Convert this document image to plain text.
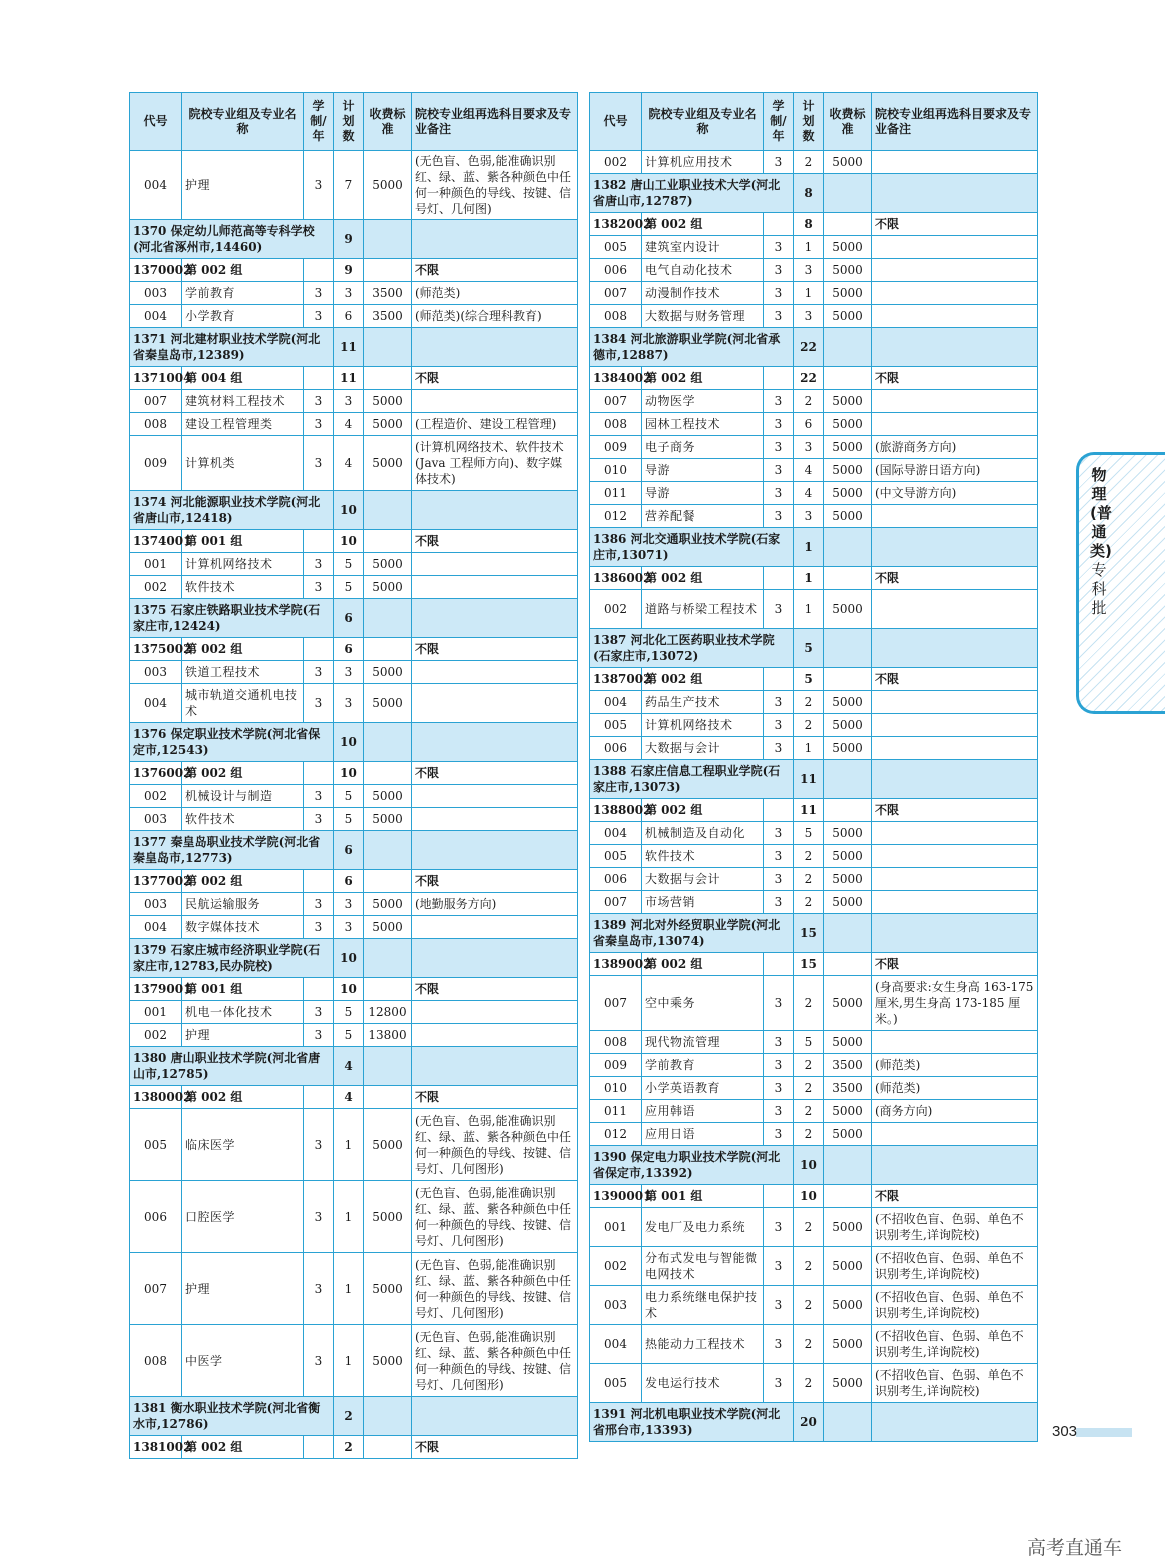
代号	院校专业组及专业名称	学制/年	计划数	收费标准	院校专业组再选科目要求及专业备注
004	护理	3	7	5000	(无色盲、色弱,能准确识别红、绿、蓝、紫各种颜色中任何一种颜色的导线、按键、信号灯、几何图)
1370 保定幼儿师范高等专科学校(河北省涿州市,14460)			9		
1370002	第 002 组		9		不限
003	学前教育	3	3	3500	(师范类)
004	小学教育	3	6	3500	(师范类)(综合理科教育)
1371 河北建材职业技术学院(河北省秦皇岛市,12389)			11		
1371004	第 004 组		11		不限
007	建筑材料工程技术	3	3	5000	
008	建设工程管理类	3	4	5000	(工程造价、建设工程管理)
009	计算机类	3	4	5000	(计算机网络技术、软件技术(Java 工程师方向)、数字媒体技术)
1374 河北能源职业技术学院(河北省唐山市,12418)			10		
1374001	第 001 组		10		不限
001	计算机网络技术	3	5	5000	
002	软件技术	3	5	5000	
1375 石家庄铁路职业技术学院(石家庄市,12424)			6		
1375002	第 002 组		6		不限
003	铁道工程技术	3	3	5000	
004	城市轨道交通机电技术	3	3	5000	
1376 保定职业技术学院(河北省保定市,12543)			10		
1376002	第 002 组		10		不限
002	机械设计与制造	3	5	5000	
003	软件技术	3	5	5000	
1377 秦皇岛职业技术学院(河北省秦皇岛市,12773)			6		
1377002	第 002 组		6		不限
003	民航运输服务	3	3	5000	(地勤服务方向)
004	数字媒体技术	3	3	5000	
1379 石家庄城市经济职业学院(石家庄市,12783,民办院校)			10		
1379001	第 001 组		10		不限
001	机电一体化技术	3	5	12800	
002	护理	3	5	13800	
1380 唐山职业技术学院(河北省唐山市,12785)			4		
1380002	第 002 组		4		不限
005	临床医学	3	1	5000	(无色盲、色弱,能准确识别红、绿、蓝、紫各种颜色中任何一种颜色的导线、按键、信号灯、几何图形)
006	口腔医学	3	1	5000	(无色盲、色弱,能准确识别红、绿、蓝、紫各种颜色中任何一种颜色的导线、按键、信号灯、几何图形)
007	护理	3	1	5000	(无色盲、色弱,能准确识别红、绿、蓝、紫各种颜色中任何一种颜色的导线、按键、信号灯、几何图形)
008	中医学	3	1	5000	(无色盲、色弱,能准确识别红、绿、蓝、紫各种颜色中任何一种颜色的导线、按键、信号灯、几何图形)
1381 衡水职业技术学院(河北省衡水市,12786)			2		
1381002	第 002 组		2		不限
代号	院校专业组及专业名称	学制/年	计划数	收费标准	院校专业组再选科目要求及专业备注
002	计算机应用技术	3	2	5000	
1382 唐山工业职业技术大学(河北省唐山市,12787)			8		
1382002	第 002 组		8		不限
005	建筑室内设计	3	1	5000	
006	电气自动化技术	3	3	5000	
007	动漫制作技术	3	1	5000	
008	大数据与财务管理	3	3	5000	
1384 河北旅游职业学院(河北省承德市,12887)			22		
1384002	第 002 组		22		不限
007	动物医学	3	2	5000	
008	园林工程技术	3	6	5000	
009	电子商务	3	3	5000	(旅游商务方向)
010	导游	3	4	5000	(国际导游日语方向)
011	导游	3	4	5000	(中文导游方向)
012	营养配餐	3	3	5000	
1386 河北交通职业技术学院(石家庄市,13071)			1		
1386002	第 002 组		1		不限
002	道路与桥梁工程技术	3	1	5000	
1387 河北化工医药职业技术学院(石家庄市,13072)			5		
1387002	第 002 组		5		不限
004	药品生产技术	3	2	5000	
005	计算机网络技术	3	2	5000	
006	大数据与会计	3	1	5000	
1388 石家庄信息工程职业学院(石家庄市,13073)			11		
1388002	第 002 组		11		不限
004	机械制造及自动化	3	5	5000	
005	软件技术	3	2	5000	
006	大数据与会计	3	2	5000	
007	市场营销	3	2	5000	
1389 河北对外经贸职业学院(河北省秦皇岛市,13074)			15		
1389002	第 002 组		15		不限
007	空中乘务	3	2	5000	(身高要求:女生身高 163-175 厘米,男生身高 173-185 厘米。)
008	现代物流管理	3	5	5000	
009	学前教育	3	2	3500	(师范类)
010	小学英语教育	3	2	3500	(师范类)
011	应用韩语	3	2	5000	(商务方向)
012	应用日语	3	2	5000	
1390 保定电力职业技术学院(河北省保定市,13392)			10		
1390001	第 001 组		10		不限
001	发电厂及电力系统	3	2	5000	(不招收色盲、色弱、单色不识别考生,详询院校)
002	分布式发电与智能微电网技术	3	2	5000	(不招收色盲、色弱、单色不识别考生,详询院校)
003	电力系统继电保护技术	3	2	5000	(不招收色盲、色弱、单色不识别考生,详询院校)
004	热能动力工程技术	3	2	5000	(不招收色盲、色弱、单色不识别考生,详询院校)
005	发电运行技术	3	2	5000	(不招收色盲、色弱、单色不识别考生,详询院校)
1391 河北机电职业技术学院(河北省邢台市,13393)			20		
物理
(普通类)
专科批
303
高考直通车
